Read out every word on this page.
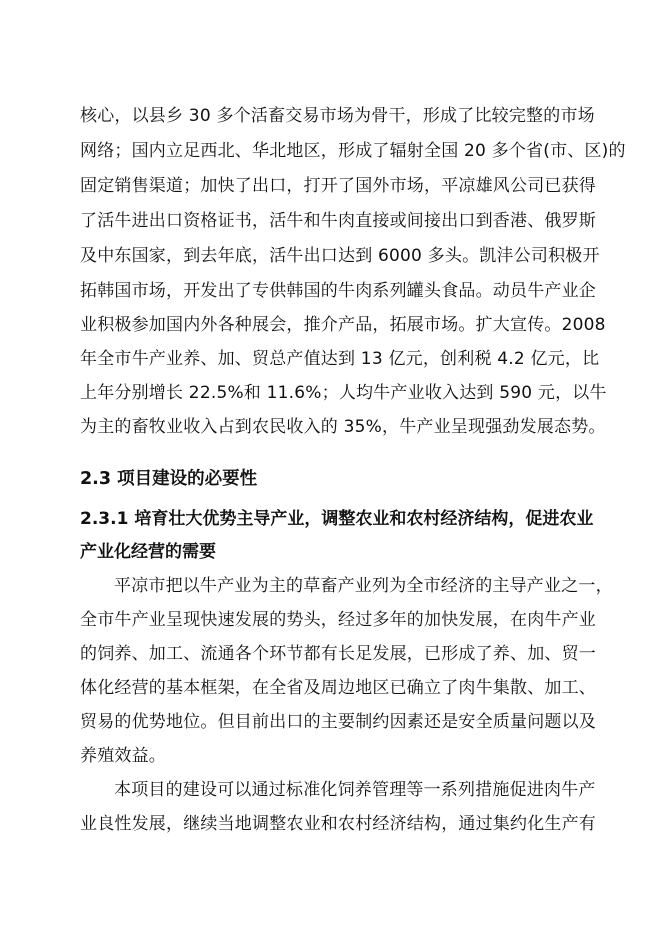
核心，以县乡 30 多个活畜交易市场为骨干，形成了比较完整的市场
网络；国内立足西北、华北地区，形成了辐射全国 20 多个省(市、区)的
固定销售渠道；加快了出口，打开了国外市场，平凉雄风公司已获得
了活牛进出口资格证书，活牛和牛肉直接或间接出口到香港、俄罗斯
及中东国家，到去年底，活牛出口达到 6000 多头。凯沣公司积极开
拓韩国市场，开发出了专供韩国的牛肉系列罐头食品。动员牛产业企
业积极参加国内外各种展会，推介产品，拓展市场。扩大宣传。2008
年全市牛产业养、加、贸总产值达到 13 亿元，创利税 4.2 亿元，比
上年分别增长 22.5%和 11.6%；人均牛产业收入达到 590 元，以牛
为主的畜牧业收入占到农民收入的 35%，牛产业呈现强劲发展态势。
2.3 项目建设的必要性
2.3.1 培育壮大优势主导产业，调整农业和农村经济结构，促进农业
产业化经营的需要
平凉市把以牛产业为主的草畜产业列为全市经济的主导产业之一，
全市牛产业呈现快速发展的势头，经过多年的加快发展，在肉牛产业
的饲养、加工、流通各个环节都有长足发展，已形成了养、加、贸一
体化经营的基本框架，在全省及周边地区已确立了肉牛集散、加工、
贸易的优势地位。但目前出口的主要制约因素还是安全质量问题以及
养殖效益。
本项目的建设可以通过标准化饲养管理等一系列措施促进肉牛产
业良性发展，继续当地调整农业和农村经济结构，通过集约化生产有
